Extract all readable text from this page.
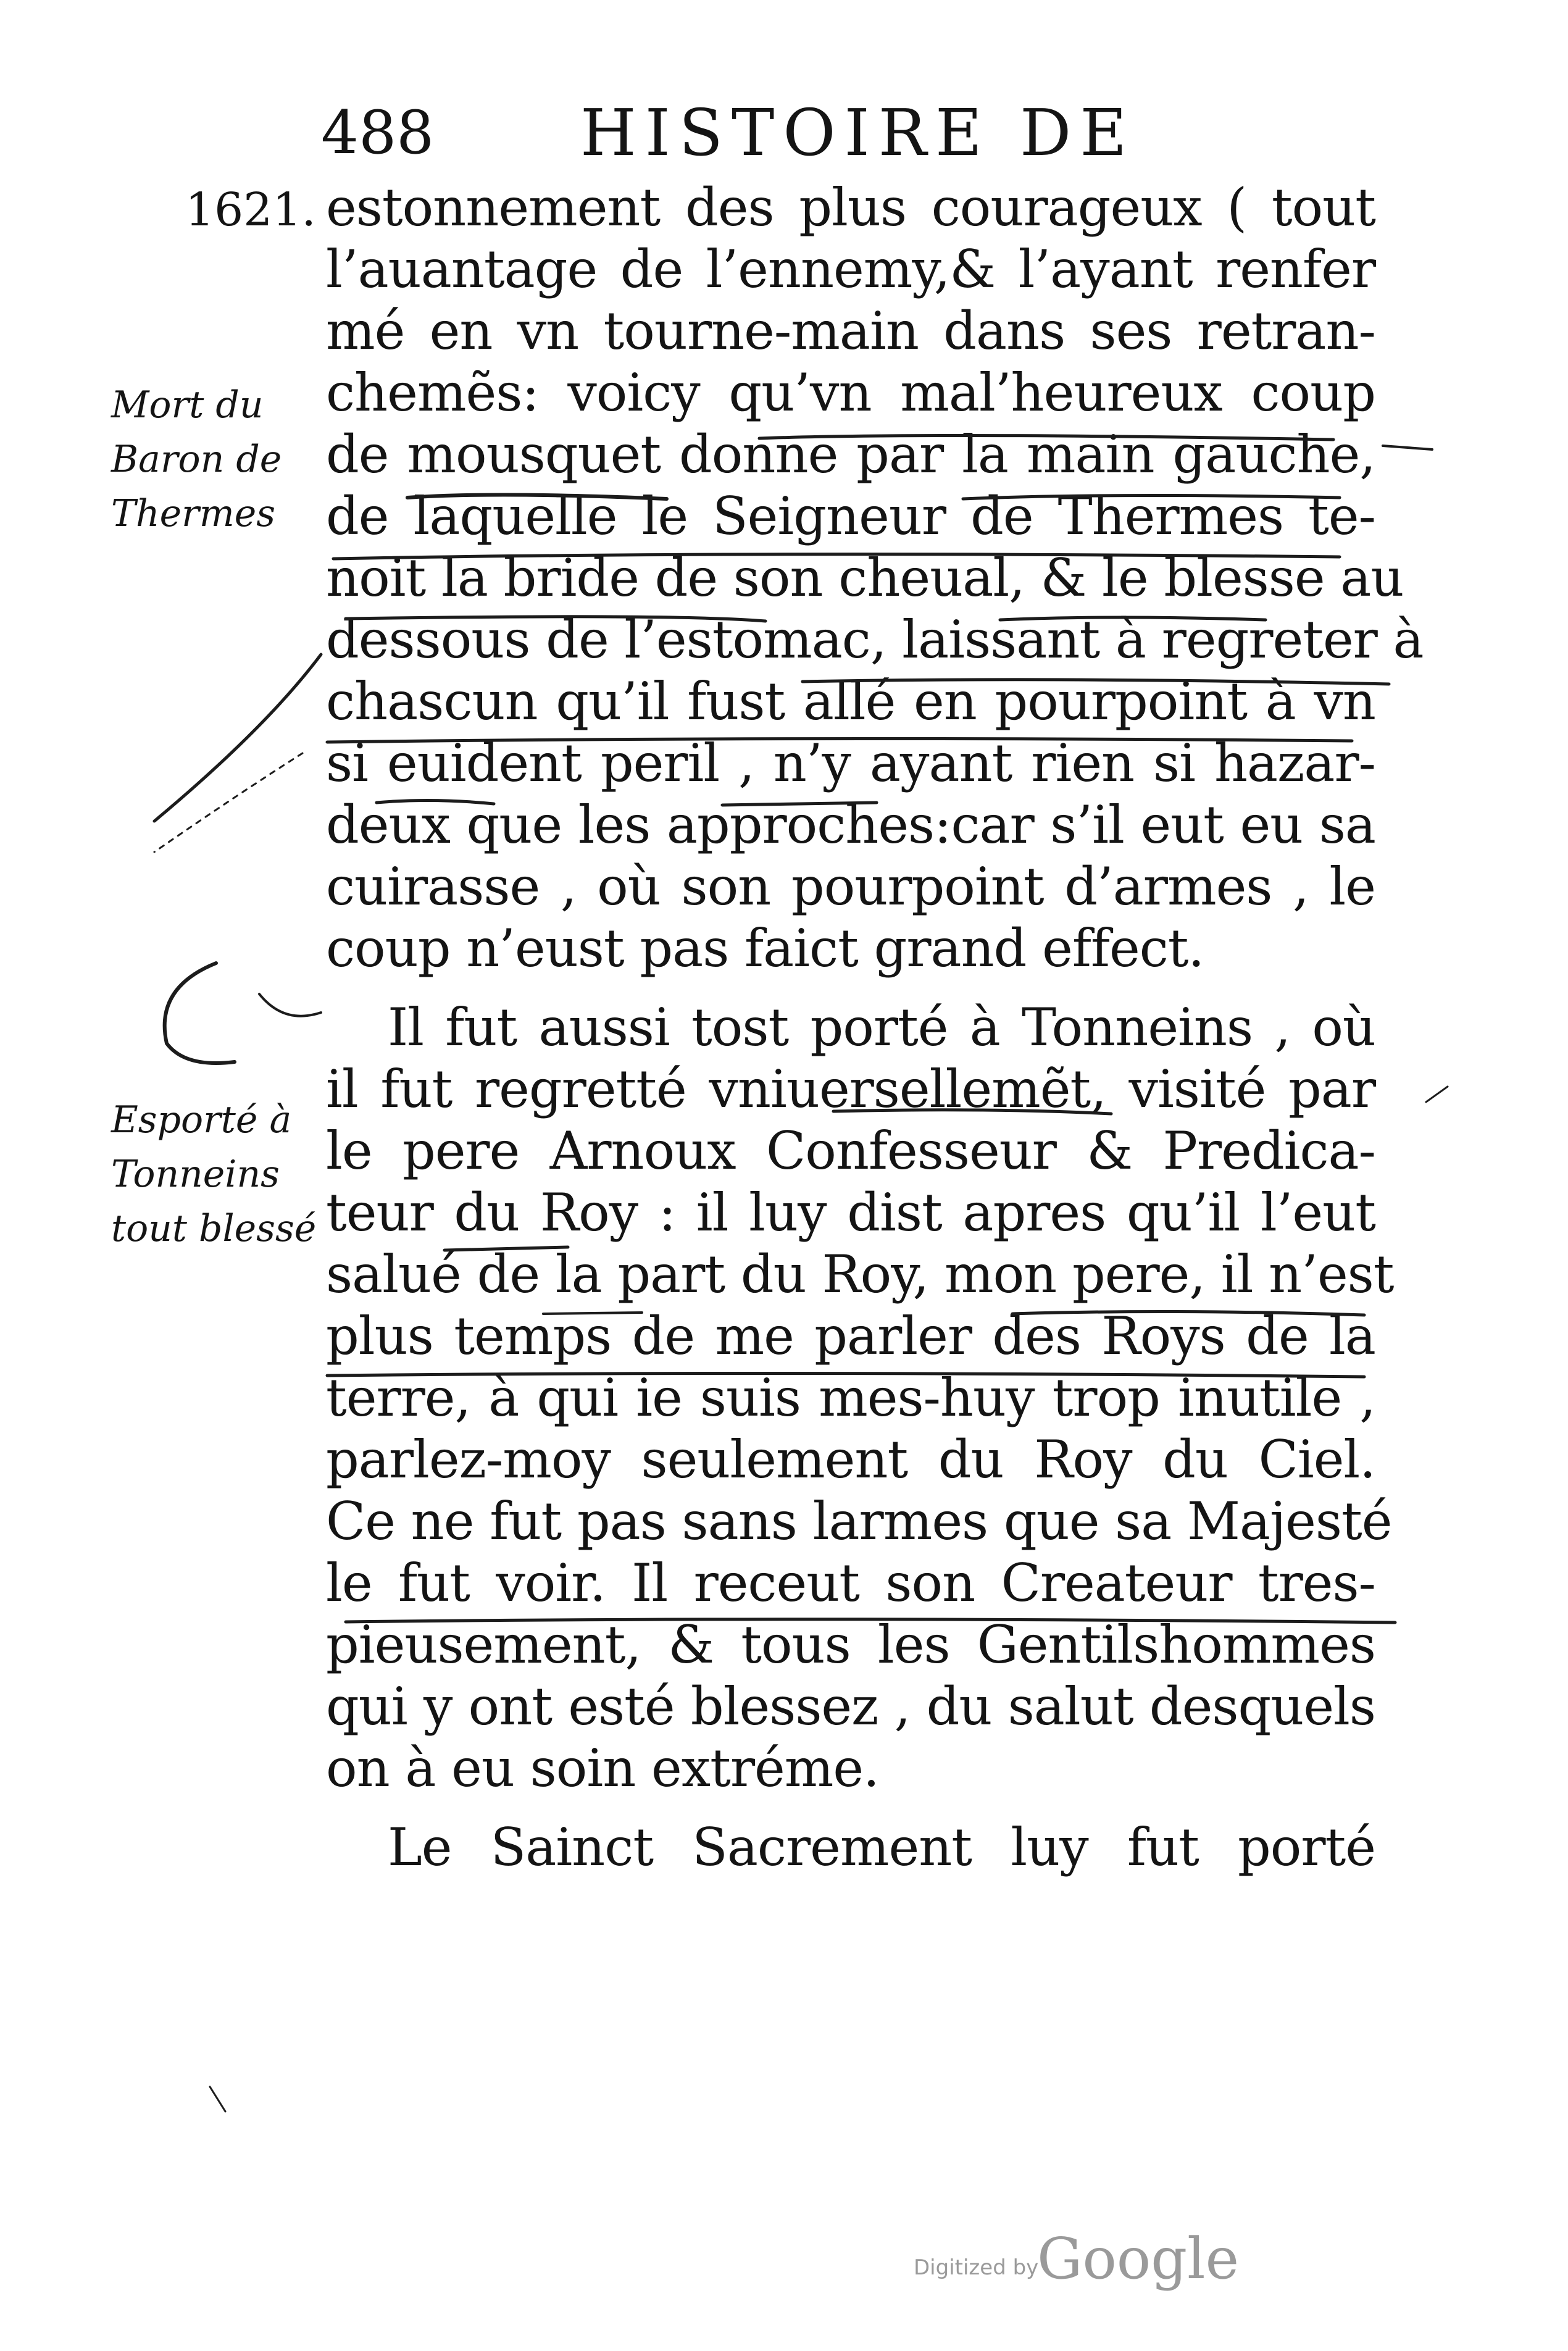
488 HISTOIRE DE
1621.
Mort du
Baron de
Thermes
Esporté à
Tonneins
tout blessé
estonnement des plus courageux ( tout
l’auantage de l’ennemy,& l’ayant renfer
mé en vn tourne-main dans ses retran-
chemẽs: voicy qu’vn mal’heureux coup
de mousquet donne par la main gauche,
de laquelle le Seigneur de Thermes te-
noit la bride de son cheual, & le blesse au
dessous de l’estomac, laissant à regreter à
chascun qu’il fust allé en pourpoint à vn
si euident peril , n’y ayant rien si hazar-
deux que les approches:car s’il eut eu sa
cuirasse , où son pourpoint d’armes , le
coup n’eust pas faict grand effect.
Il fut aussi tost porté à Tonneins , où
il fut regretté vniuersellemẽt, visité par
le pere Arnoux Confesseur & Predica-
teur du Roy : il luy dist apres qu’il l’eut
salué de la part du Roy, mon pere, il n’est
plus temps de me parler des Roys de la
terre, à qui ie suis mes-huy trop inutile ,
parlez-moy seulement du Roy du Ciel.
Ce ne fut pas sans larmes que sa Majesté
le fut voir. Il receut son Createur tres-
pieusement, & tous les Gentilshommes
qui y ont esté blessez , du salut desquels
on à eu soin extréme.
Le Sainct Sacrement luy fut porté
Digitized by
Google
